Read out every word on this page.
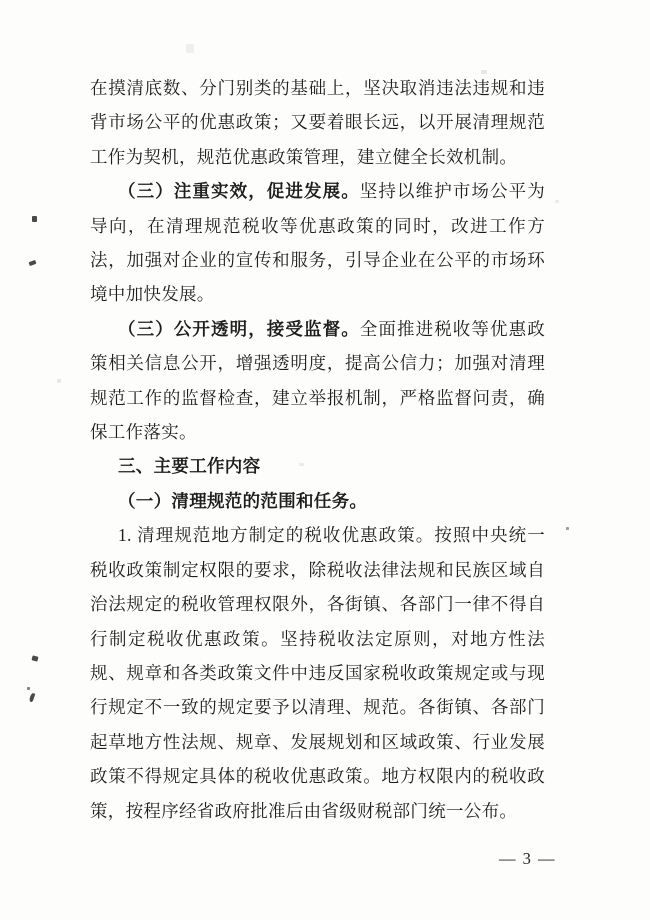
在摸清底数、分门别类的基础上，坚决取消违法违规和违背市场公平的优惠政策；又要着眼长远，以开展清理规范工作为契机，规范优惠政策管理，建立健全长效机制。

（三）注重实效，促进发展。坚持以维护市场公平为导向，在清理规范税收等优惠政策的同时，改进工作方法，加强对企业的宣传和服务，引导企业在公平的市场环境中加快发展。

（三）公开透明，接受监督。全面推进税收等优惠政策相关信息公开，增强透明度，提高公信力；加强对清理规范工作的监督检查，建立举报机制，严格监督问责，确保工作落实。

三、主要工作内容

（一）清理规范的范围和任务。

1. 清理规范地方制定的税收优惠政策。按照中央统一税收政策制定权限的要求，除税收法律法规和民族区域自治法规定的税收管理权限外，各街镇、各部门一律不得自行制定税收优惠政策。坚持税收法定原则，对地方性法规、规章和各类政策文件中违反国家税收政策规定或与现行规定不一致的规定要予以清理、规范。各街镇、各部门起草地方性法规、规章、发展规划和区域政策、行业发展政策不得规定具体的税收优惠政策。地方权限内的税收政策，按程序经省政府批准后由省级财税部门统一公布。

— 3 —
